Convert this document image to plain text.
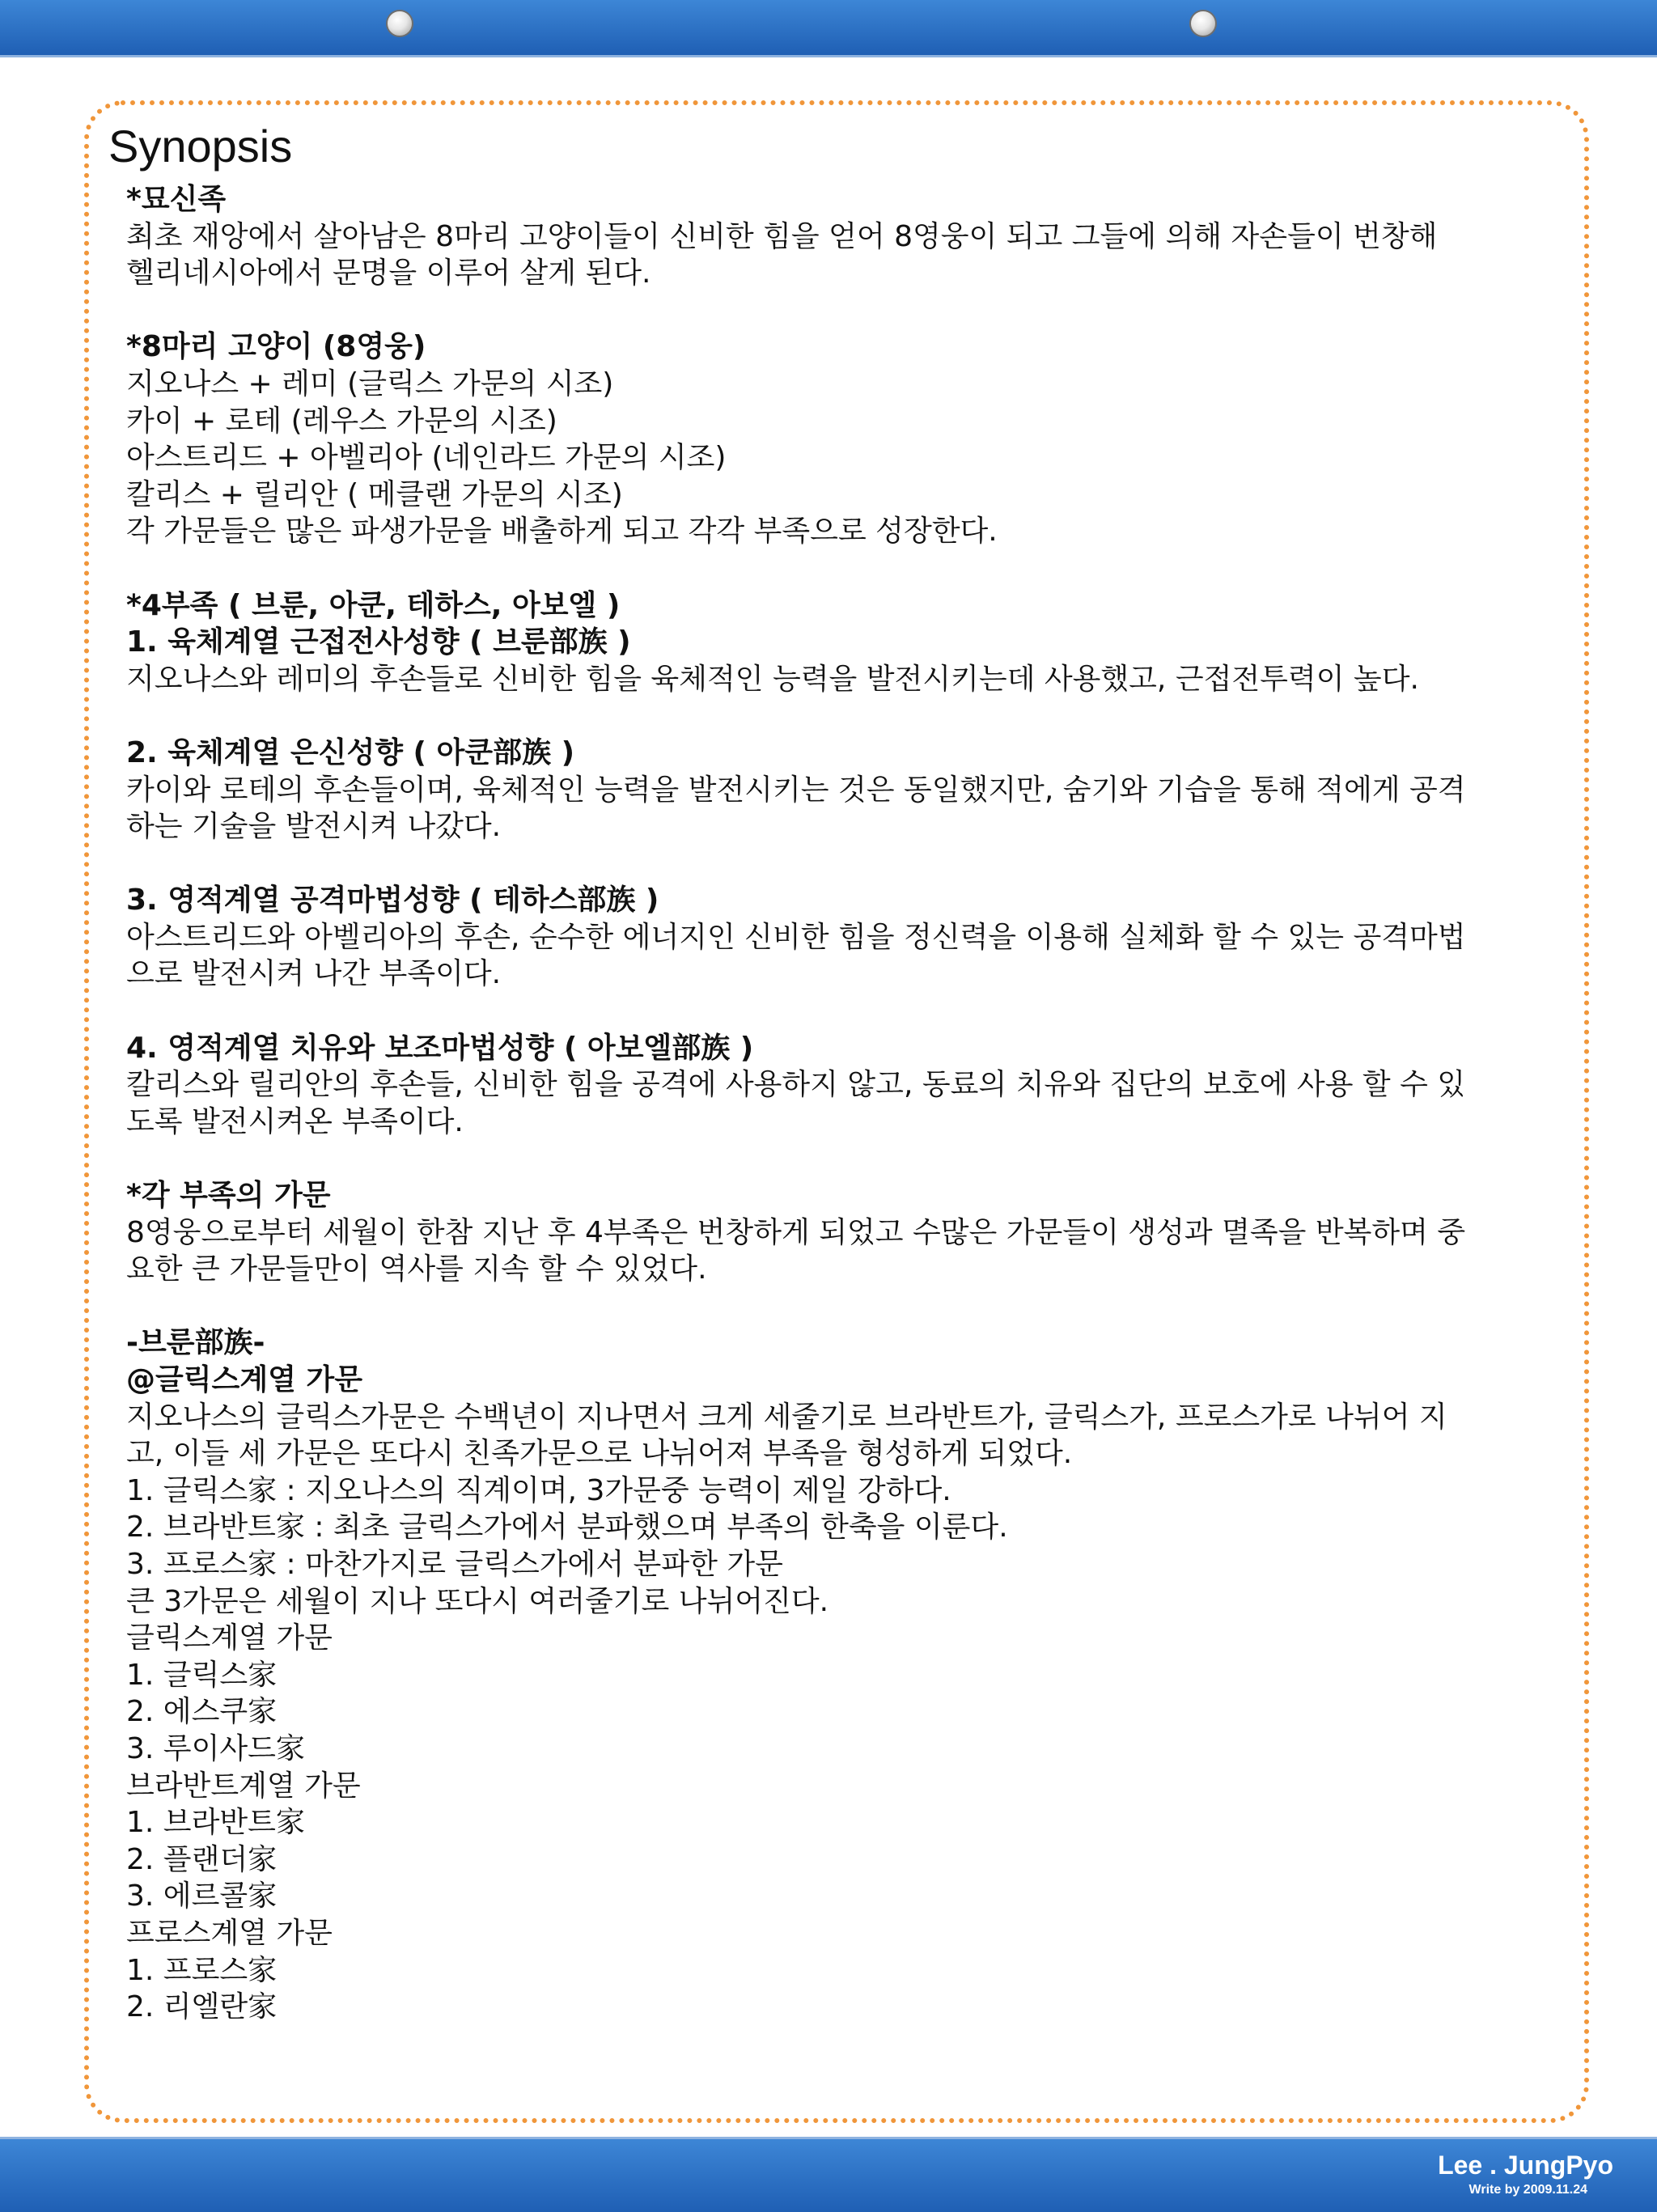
Synopsis
*묘신족
최초 재앙에서 살아남은 8마리 고양이들이 신비한 힘을 얻어 8영웅이 되고 그들에 의해 자손들이 번창해
헬리네시아에서 문명을 이루어 살게 된다.
*8마리 고양이 (8영웅)
지오나스 + 레미 (글릭스 가문의 시조)
카이 + 로테 (레우스 가문의 시조)
아스트리드 + 아벨리아 (네인라드 가문의 시조)
칼리스 + 릴리안 ( 메클랜 가문의 시조)
각 가문들은 많은 파생가문을 배출하게 되고 각각 부족으로 성장한다.
*4부족 ( 브룬, 아쿤, 테하스, 아보엘 )
1. 육체계열 근접전사성향 ( 브룬部族 )
지오나스와 레미의 후손들로 신비한 힘을 육체적인 능력을 발전시키는데 사용했고, 근접전투력이 높다.
2. 육체계열 은신성향 ( 아쿤部族 )
카이와 로테의 후손들이며, 육체적인 능력을 발전시키는 것은 동일했지만, 숨기와 기습을 통해 적에게 공격
하는 기술을 발전시켜 나갔다.
3. 영적계열 공격마법성향 ( 테하스部族 )
아스트리드와 아벨리아의 후손, 순수한 에너지인 신비한 힘을 정신력을 이용해 실체화 할 수 있는 공격마법
으로 발전시켜 나간 부족이다.
4. 영적계열 치유와 보조마법성향 ( 아보엘部族 )
칼리스와 릴리안의 후손들, 신비한 힘을 공격에 사용하지 않고, 동료의 치유와 집단의 보호에 사용 할 수 있
도록 발전시켜온 부족이다.
*각 부족의 가문
8영웅으로부터 세월이 한참 지난 후 4부족은 번창하게 되었고 수많은 가문들이 생성과 멸족을 반복하며 중
요한 큰 가문들만이 역사를 지속 할 수 있었다.
-브룬部族-
@글릭스계열 가문
지오나스의 글릭스가문은 수백년이 지나면서 크게 세줄기로 브라반트가, 글릭스가, 프로스가로 나뉘어 지
고, 이들 세 가문은 또다시 친족가문으로 나뉘어져 부족을 형성하게 되었다.
1. 글릭스家 : 지오나스의 직계이며, 3가문중 능력이 제일 강하다.
2. 브라반트家 : 최초 글릭스가에서 분파했으며 부족의 한축을 이룬다.
3. 프로스家 : 마찬가지로 글릭스가에서 분파한 가문
큰 3가문은 세월이 지나 또다시 여러줄기로 나뉘어진다.
글릭스계열 가문
1. 글릭스家
2. 에스쿠家
3. 루이사드家
브라반트계열 가문
1. 브라반트家
2. 플랜더家
3. 에르콜家
프로스계열 가문
1. 프로스家
2. 리엘란家
Lee . JungPyo
Write by 2009.11.24
